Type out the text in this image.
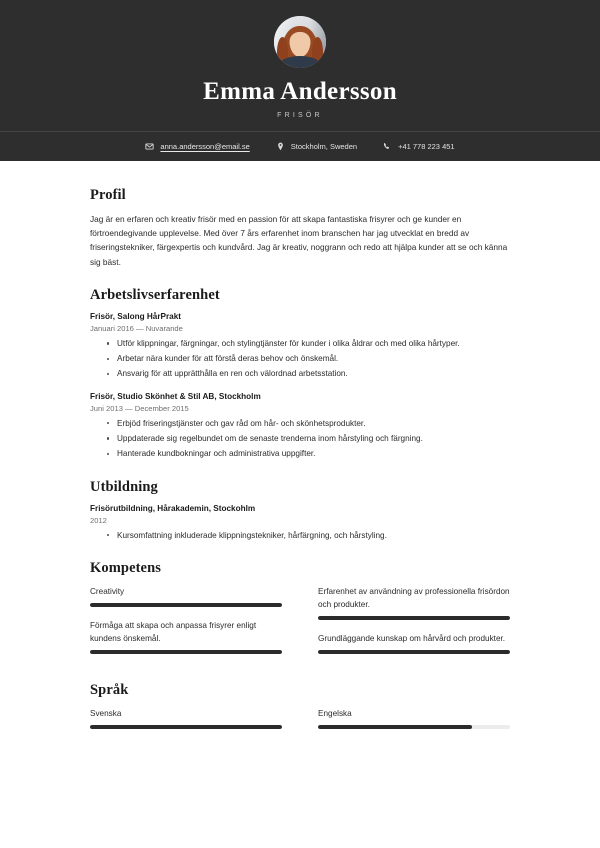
Emma Andersson
FRISÖR
anna.andersson@email.se	Stockholm, Sweden	+41 778 223 451
Profil

Jag är en erfaren och kreativ frisör med en passion för att skapa fantastiska frisyrer och ge kunder en förtroendegivande upplevelse. Med över 7 års erfarenhet inom branschen har jag utvecklat en bredd av friseringstekniker, färgexpertis och kundvård. Jag är kreativ, noggrann och redo att hjälpa kunder att se och känna sig bäst.

Arbetslivserfarenhet
Frisör, Salong HårPrakt
Januari 2016 — Nuvarande
Utför klippningar, färgningar, och stylingtjänster för kunder i olika åldrar och med olika hårtyper.
Arbetar nära kunder för att förstå deras behov och önskemål.
Ansvarig för att upprätthålla en ren och välordnad arbetsstation.
Frisör, Studio Skönhet & Stil AB, Stockholm
Juni 2013 — December 2015
Erbjöd friseringstjänster och gav råd om hår- och skönhetsprodukter.
Uppdaterade sig regelbundet om de senaste trenderna inom hårstyling och färgning.
Hanterade kundbokningar och administrativa uppgifter.
Utbildning
Frisörutbildning, Hårakademin, Stockohlm
2012
Kursomfattning inkluderade klippningstekniker, hårfärgning, och hårstyling.
Kompetens
Creativity
Förmåga att skapa och anpassa frisyrer enligt kundens önskemål.
Erfarenhet av användning av professionella frisördon och produkter.
Grundläggande kunskap om hårvård och produkter.
Språk
Svenska	Engelska
